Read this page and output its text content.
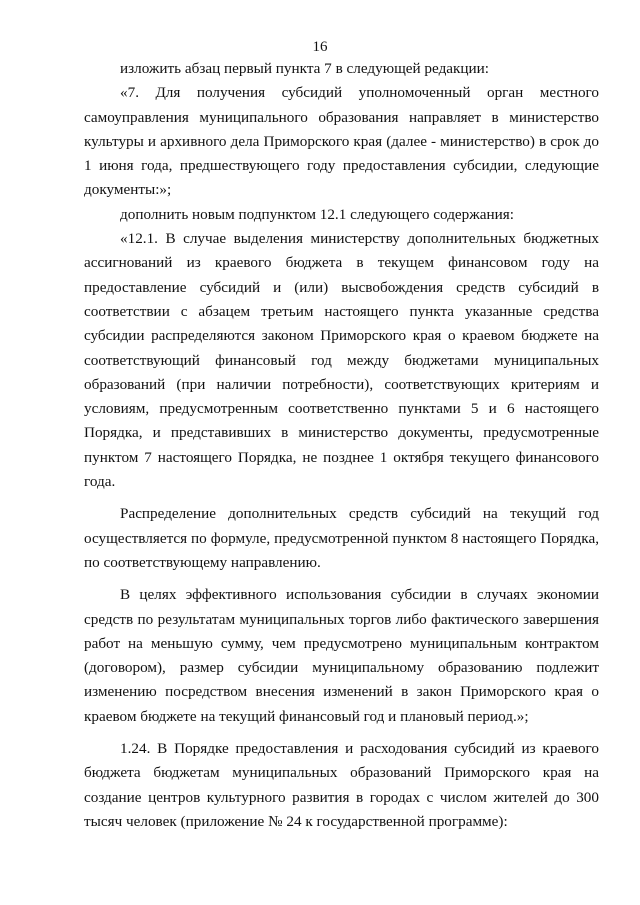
16

изложить абзац первый пункта 7 в следующей редакции:

«7. Для получения субсидий уполномоченный орган местного самоуправления муниципального образования направляет в министерство культуры и архивного дела Приморского края (далее - министерство) в срок до 1 июня года, предшествующего году предоставления субсидии, следующие документы:»;

дополнить новым подпунктом 12.1 следующего содержания:

«12.1. В случае выделения министерству дополнительных бюджетных ассигнований из краевого бюджета в текущем финансовом году на предоставление субсидий и (или) высвобождения средств субсидий в соответствии с абзацем третьим настоящего пункта указанные средства субсидии распределяются законом Приморского края о краевом бюджете на соответствующий финансовый год между бюджетами муниципальных образований (при наличии потребности), соответствующих критериям и условиям, предусмотренным соответственно пунктами 5 и 6 настоящего Порядка, и представивших в министерство документы, предусмотренные пунктом 7 настоящего Порядка, не позднее 1 октября текущего финансового года.

Распределение дополнительных средств субсидий на текущий год осуществляется по формуле, предусмотренной пунктом 8 настоящего Порядка, по соответствующему направлению.

В целях эффективного использования субсидии в случаях экономии средств по результатам муниципальных торгов либо фактического завершения работ на меньшую сумму, чем предусмотрено муниципальным контрактом (договором), размер субсидии муниципальному образованию подлежит изменению посредством внесения изменений в закон Приморского края о краевом бюджете на текущий финансовый год и плановый период.»;

1.24. В Порядке предоставления и расходования субсидий из краевого бюджета бюджетам муниципальных образований Приморского края на создание центров культурного развития в городах с числом жителей до 300 тысяч человек (приложение № 24 к государственной программе):
